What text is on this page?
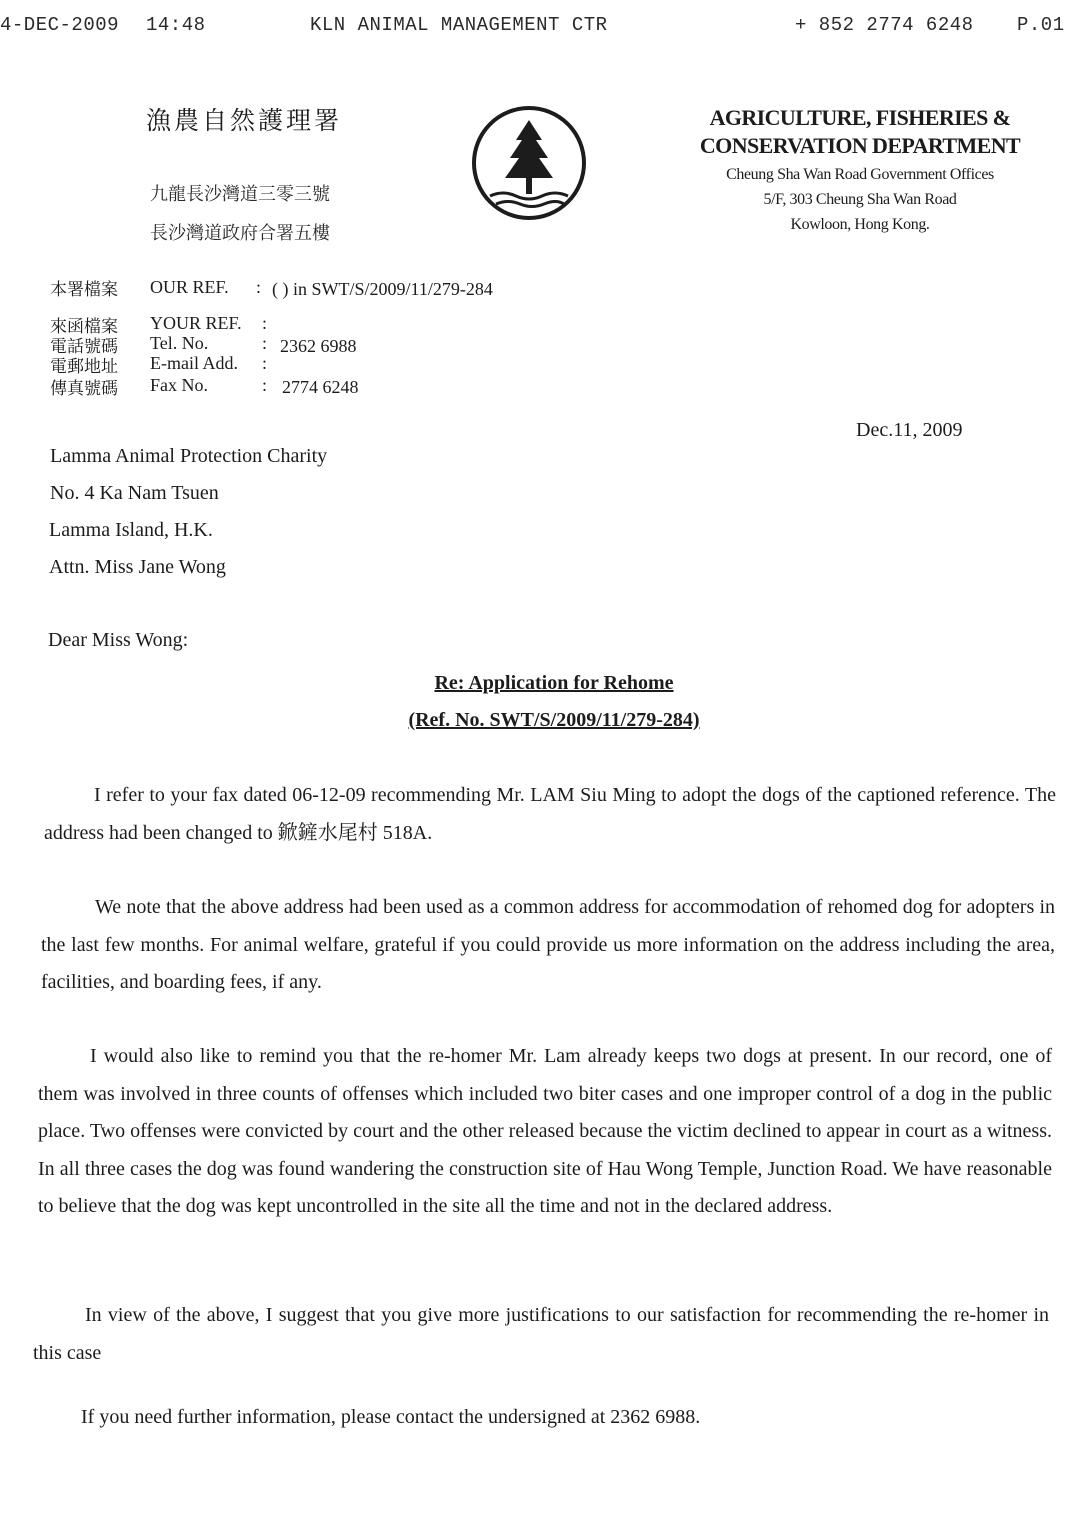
4-DEC-2009 14:48	KLN ANIMAL MANAGEMENT CTR	+ 852 2774 6248 P.01
漁農自然護理署
九龍長沙灣道三零三號
長沙灣道政府合署五樓
AGRICULTURE, FISHERIES &
CONSERVATION DEPARTMENT
Cheung Sha Wan Road Government Offices
5/F, 303 Cheung Sha Wan Road
Kowloon, Hong Kong.
本署檔案 OUR REF. : ( ) in SWT/S/2009/11/279-284
來函檔案 YOUR REF. :
電話號碼 Tel. No.	: 2362 6988
電郵地址 E-mail Add. :
傳真號碼 Fax No.	: 2774 6248
Dec.11, 2009
Lamma Animal Protection Charity
No. 4 Ka Nam Tsuen
Lamma Island, H.K.
Attn. Miss Jane Wong
Dear Miss Wong:
Re: Application for Rehome
(Ref. No. SWT/S/2009/11/279-284)
I refer to your fax dated 06-12-09 recommending Mr. LAM Siu Ming to adopt the dogs of the captioned reference. The address had been changed to 鍁鏟水尾村 518A.
We note that the above address had been used as a common address for accommodation of rehomed dog for adopters in the last few months. For animal welfare, grateful if you could provide us more information on the address including the area, facilities, and boarding fees, if any.
I would also like to remind you that the re-homer Mr. Lam already keeps two dogs at present. In our record, one of them was involved in three counts of offenses which included two biter cases and one improper control of a dog in the public place. Two offenses were convicted by court and the other released because the victim declined to appear in court as a witness. In all three cases the dog was found wandering the construction site of Hau Wong Temple, Junction Road. We have reasonable to believe that the dog was kept uncontrolled in the site all the time and not in the declared address.
In view of the above, I suggest that you give more justifications to our satisfaction for recommending the re-homer in this case
If you need further information, please contact the undersigned at 2362 6988.
